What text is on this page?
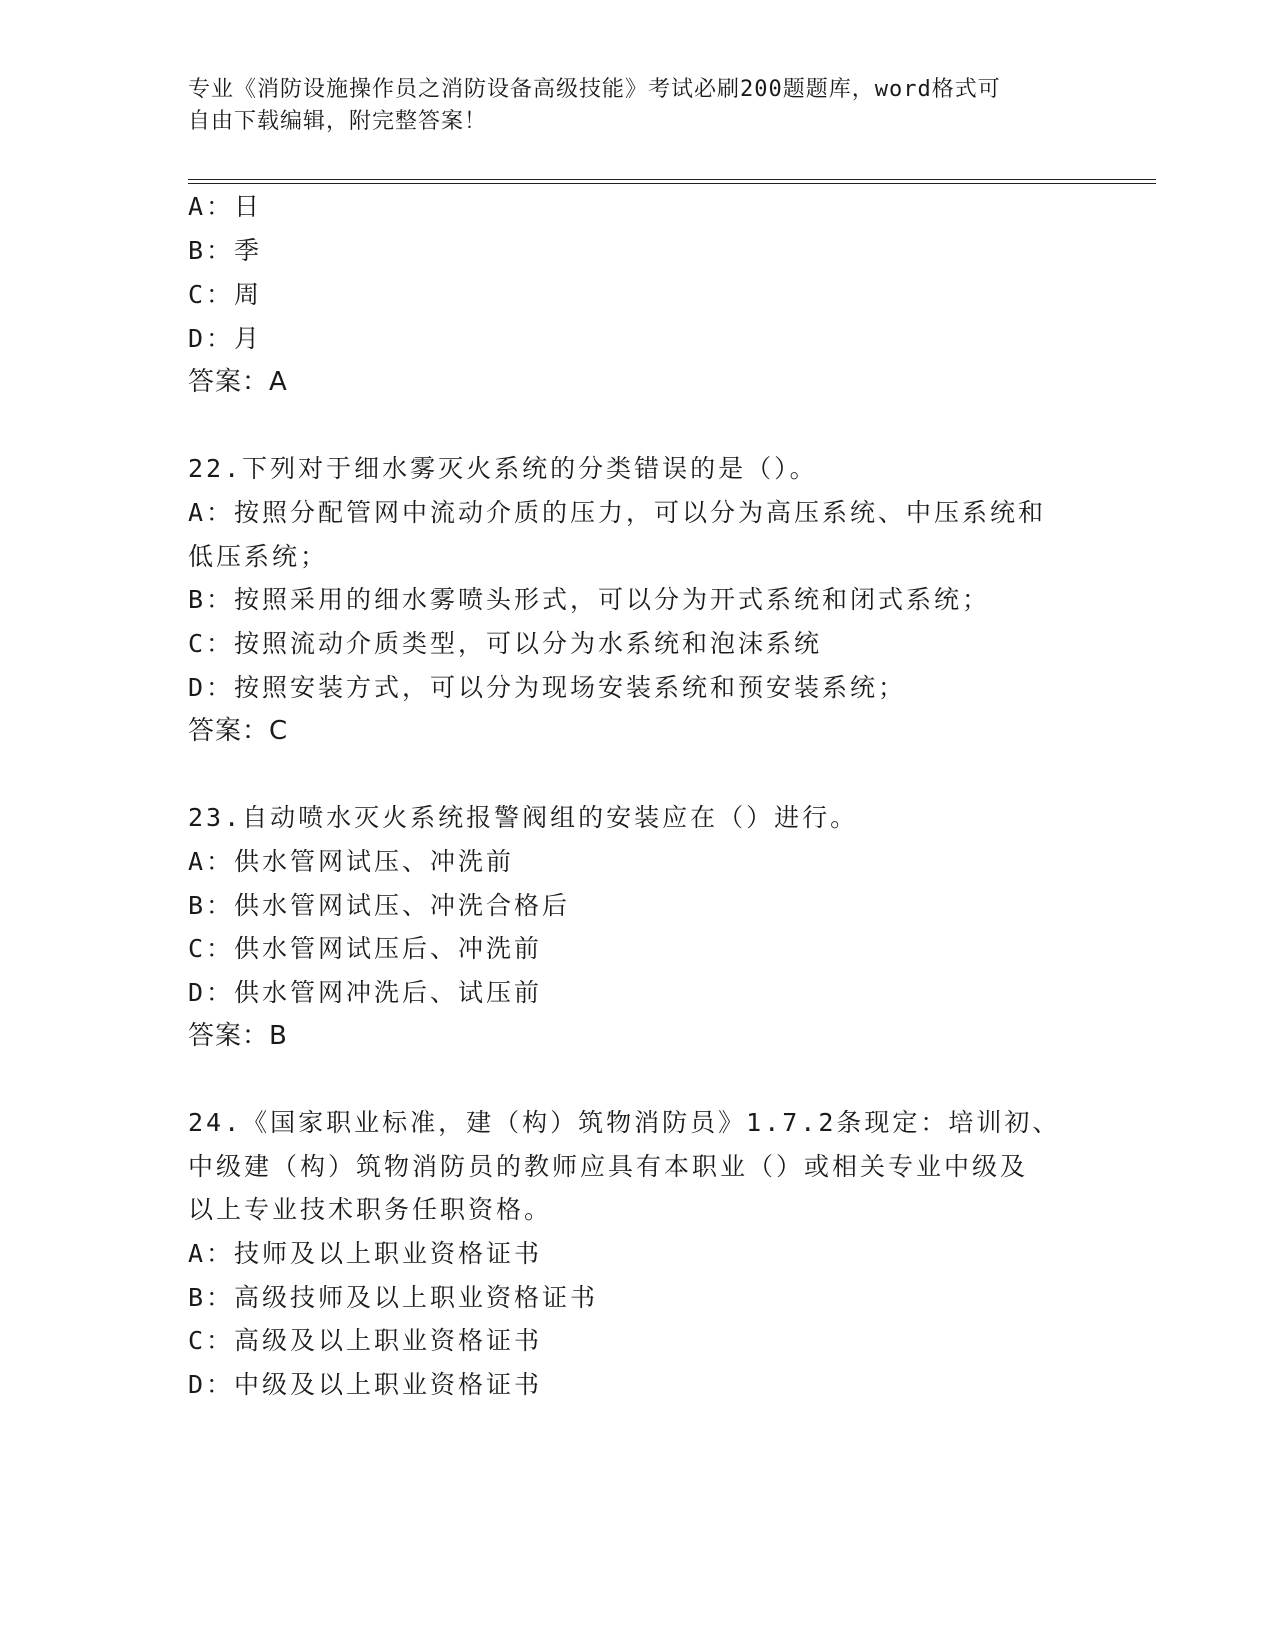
专业《消防设施操作员之消防设备高级技能》考试必刷200题题库，word格式可
自由下载编辑，附完整答案！
A：日
B：季
C：周
D：月
答案：A
22.下列对于细水雾灭火系统的分类错误的是（）。
A：按照分配管网中流动介质的压力，可以分为高压系统、中压系统和
低压系统；
B：按照采用的细水雾喷头形式，可以分为开式系统和闭式系统；
C：按照流动介质类型，可以分为水系统和泡沫系统
D：按照安装方式，可以分为现场安装系统和预安装系统；
答案：C
23.自动喷水灭火系统报警阀组的安装应在（）进行。
A：供水管网试压、冲洗前
B：供水管网试压、冲洗合格后
C：供水管网试压后、冲洗前
D：供水管网冲洗后、试压前
答案：B
24.《国家职业标准，建（构）筑物消防员》1.7.2条现定：培训初、
中级建（构）筑物消防员的教师应具有本职业（）或相关专业中级及
以上专业技术职务任职资格。
A：技师及以上职业资格证书
B：高级技师及以上职业资格证书
C：高级及以上职业资格证书
D：中级及以上职业资格证书
